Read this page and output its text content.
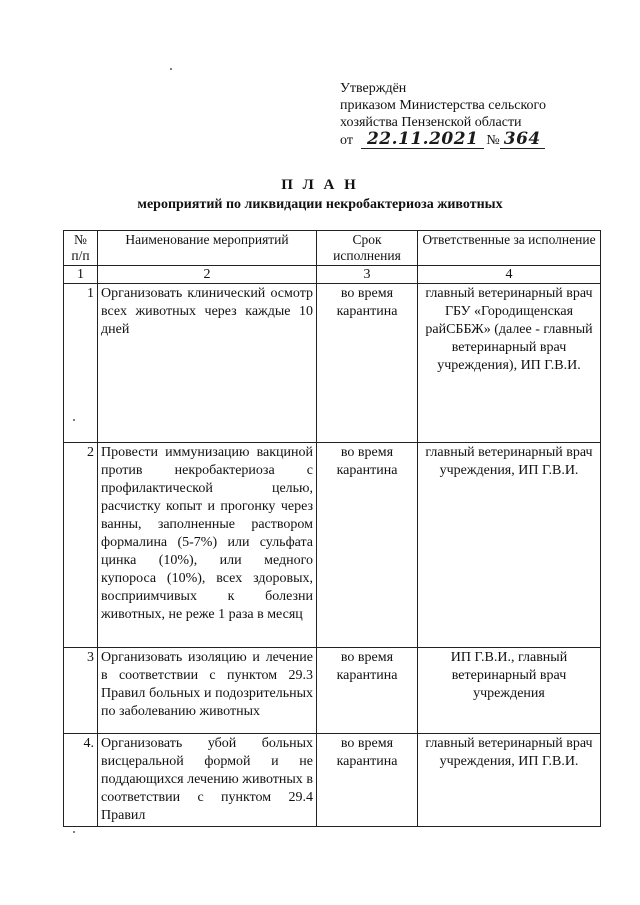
Утверждён
приказом Министерства сельского
хозяйства Пензенской области
от 22.11.2021 № 364
П Л А Н
мероприятий по ликвидации некробактериоза животных
№ п/п	Наименование мероприятий	Срок исполнения	Ответственные за исполнение
1	2	3	4
1	Организовать клинический осмотр всех животных через каждые 10 дней	во время карантина	главный ветеринарный врач ГБУ «Городищенская райСББЖ» (далее - главный ветеринарный врач учреждения), ИП Г.В.И.
2	Провести иммунизацию вакциной против некробактериоза с профилактической целью, расчистку копыт и прогонку через ванны, заполненные раствором формалина (5-7%) или сульфата цинка (10%), или медного купороса (10%), всех здоровых, восприимчивых к болезни животных, не реже 1 раза в месяц	во время карантина	главный ветеринарный врач учреждения, ИП Г.В.И.
3	Организовать изоляцию и лечение в соответствии с пунктом 29.3 Правил больных и подозрительных по заболеванию животных	во время карантина	ИП Г.В.И., главный ветеринарный врач учреждения
4.	Организовать убой больных висцеральной формой и не поддающихся лечению животных в соответствии с пунктом 29.4 Правил	во время карантина	главный ветеринарный врач учреждения, ИП Г.В.И.
